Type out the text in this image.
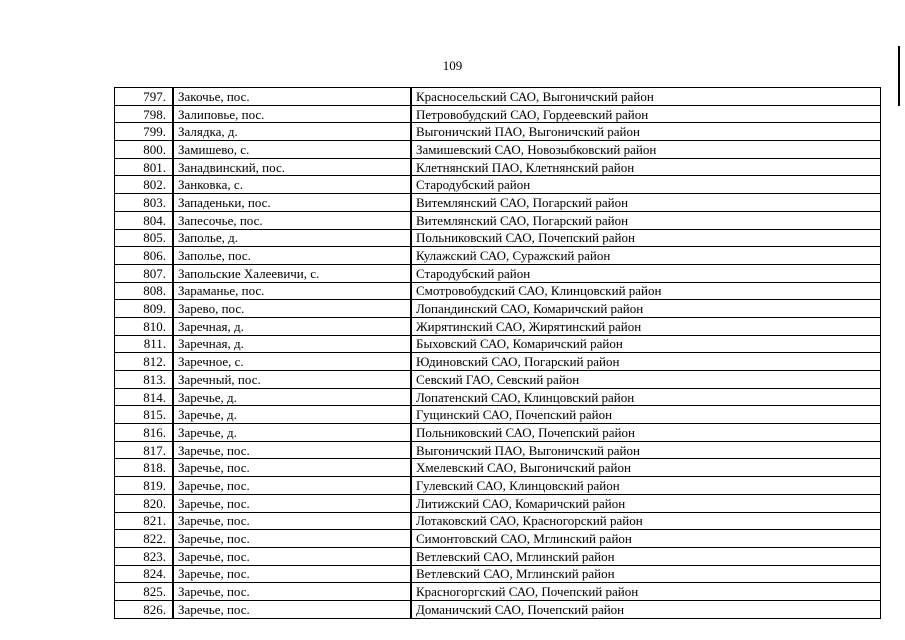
109
797.	Закочье, пос.	Красносельский САО, Выгоничский район
798.	Залиповье, пос.	Петровобудский САО, Гордеевский район
799.	Залядка, д.	Выгоничский ПАО, Выгоничский район
800.	Замишево, с.	Замишевский САО, Новозыбковский район
801.	Занадвинский, пос.	Клетнянский ПАО, Клетнянский район
802.	Занковка, с.	Стародубский район
803.	Западеньки, пос.	Витемлянский САО, Погарский район
804.	Запесочье, пос.	Витемлянский САО, Погарский район
805.	Заполье, д.	Польниковский САО, Почепский район
806.	Заполье, пос.	Кулажский САО, Суражский район
807.	Запольские Халеевичи, с.	Стародубский район
808.	Зараманье, пос.	Смотровобудский САО, Клинцовский район
809.	Зарево, пос.	Лопандинский САО, Комаричский район
810.	Заречная, д.	Жирятинский САО, Жирятинский район
811.	Заречная, д.	Быховский САО, Комаричский район
812.	Заречное, с.	Юдиновский САО, Погарский район
813.	Заречный, пос.	Севский ГАО, Севский район
814.	Заречье, д.	Лопатенский САО, Клинцовский район
815.	Заречье, д.	Гущинский САО, Почепский район
816.	Заречье, д.	Польниковский САО, Почепский район
817.	Заречье, пос.	Выгоничский ПАО, Выгоничский район
818.	Заречье, пос.	Хмелевский САО, Выгоничский район
819.	Заречье, пос.	Гулевский САО, Клинцовский район
820.	Заречье, пос.	Литижский САО, Комаричский район
821.	Заречье, пос.	Лотаковский САО, Красногорский район
822.	Заречье, пос.	Симонтовский САО, Мглинский район
823.	Заречье, пос.	Ветлевский САО, Мглинский район
824.	Заречье, пос.	Ветлевский САО, Мглинский район
825.	Заречье, пос.	Красногоргский САО, Почепский район
826.	Заречье, пос.	Доманичский САО, Почепский район
